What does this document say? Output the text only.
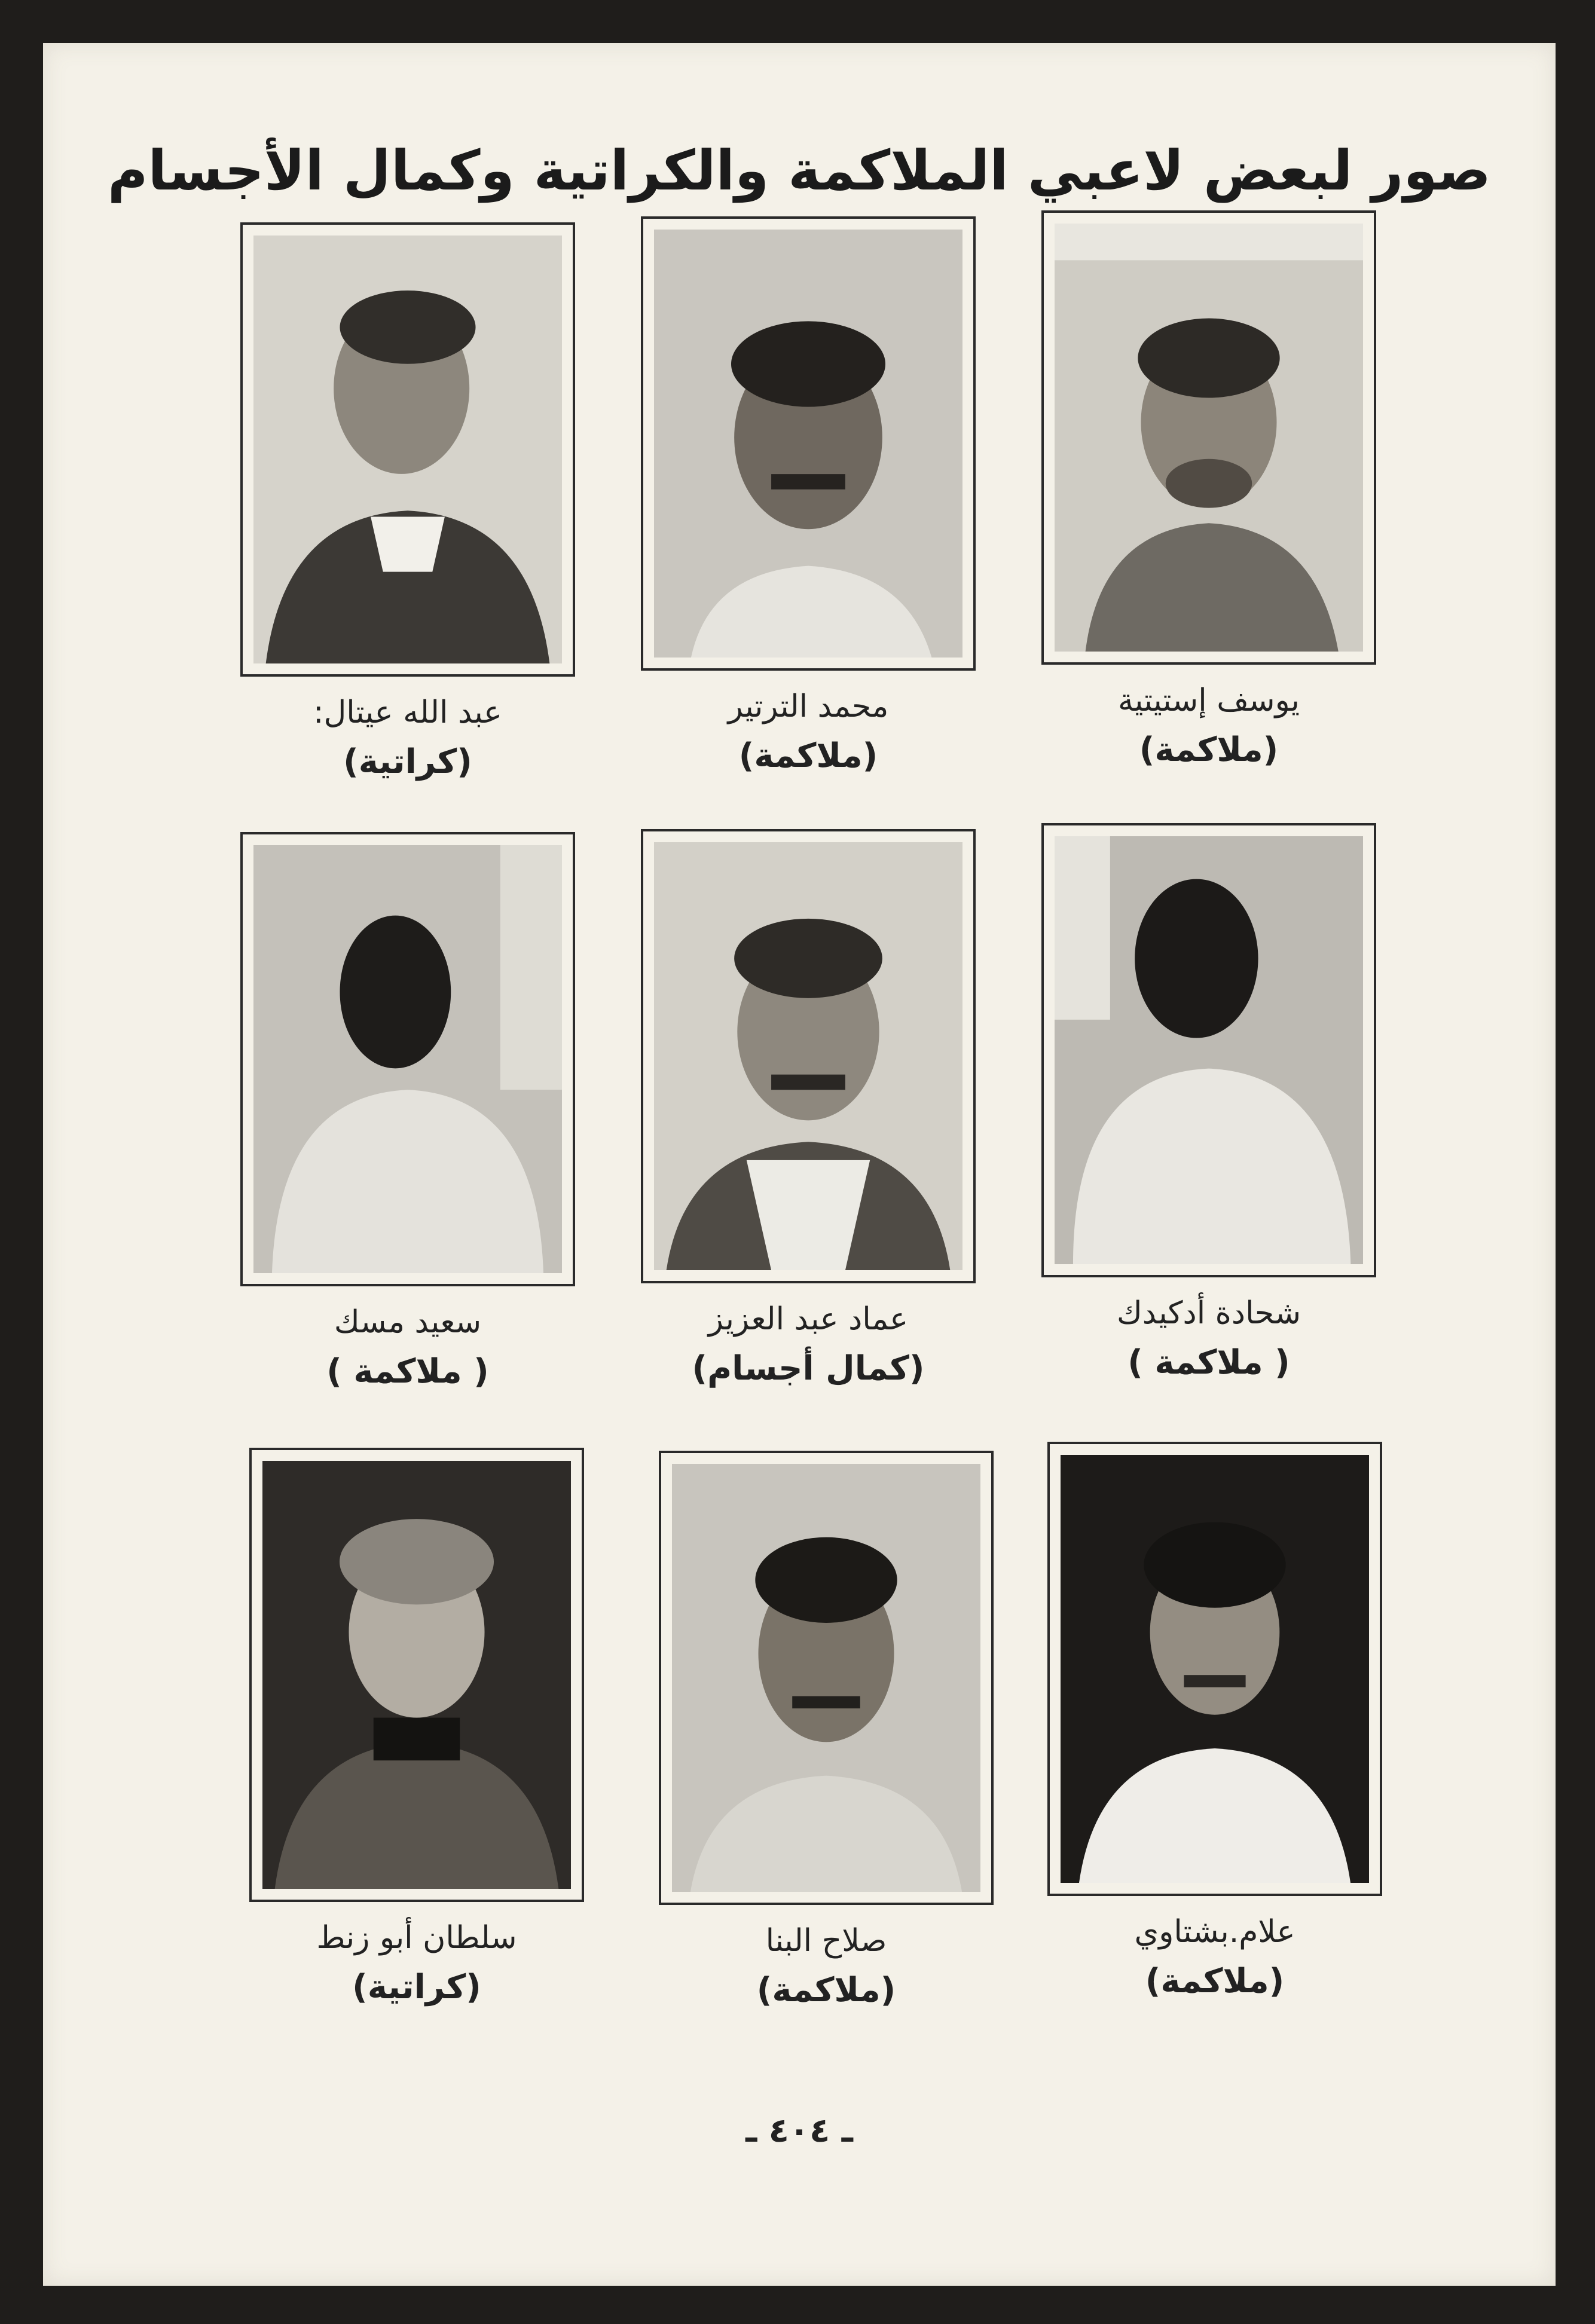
صور لبعض لاعبي الملاكمة والكراتية وكمال الأجسام
يوسف إستيتية
(ملاكمة)
محمد الترتير
(ملاكمة)
عبد الله عيتال:
(كراتية)
شحادة أدكيدك
( ملاكمة )
عماد عبد العزيز
(كمال أجسام)
سعيد مسك
( ملاكمة )
علام.بشتاوي
(ملاكمة)
صلاح البنا
(ملاكمة)
سلطان أبو زنط
(كراتية)
ـ ٤٠٤ ـ
